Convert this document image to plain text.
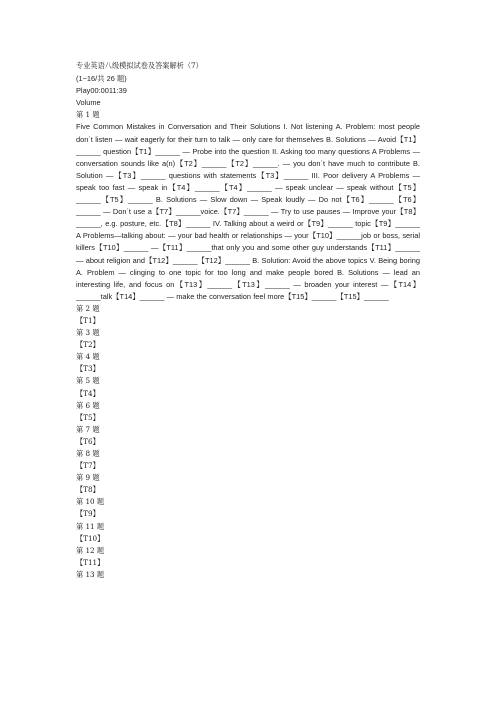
专业英语八级模拟试卷及答案解析（7）
(1~16/共 26 题)
Play00:0011:39
Volume
第 1 题
Five Common Mistakes in Conversation and Their Solutions I. Not listening A. Problem: most people don´t listen — wait eagerly for their turn to talk — only care for themselves B. Solutions — Avoid【T1】______ question【T1】______ — Probe into the question II. Asking too many questions A Problems — conversation sounds like a(n)【T2】______【T2】______. — you don´t have much to contribute B. Solution —【T3】______ questions with statements【T3】______ III. Poor delivery A Problems — speak too fast — speak in【T4】______【T4】______ — speak unclear — speak without【T5】______【T5】______ B. Solutions — Slow down — Speak loudly — Do not【T6】______【T6】______ — Don´t use a【T7】______voice.【T7】______ — Try to use pauses — Improve your【T8】______, e.g. posture, etc.【T8】______ IV. Talking about a weird or【T9】______ topic【T9】______ A Problems—talking about: — your bad health or relationships — your【T10】______job or boss, serial killers【T10】______ —【T11】______that only you and some other guy understands【T11】______ — about religion and【T12】______【T12】______ B. Solution: Avoid the above topics V. Being boring A. Problem — clinging to one topic for too long and make people bored B. Solutions — lead an interesting life, and focus on【T13】______【T13】______ — broaden your interest —【T14】______talk【T14】______ — make the conversation feel more【T15】______【T15】______
第 2 题
【T1】
第 3 题
【T2】
第 4 题
【T3】
第 5 题
【T4】
第 6 题
【T5】
第 7 题
【T6】
第 8 题
【T7】
第 9 题
【T8】
第 10 题
【T9】
第 11 题
【T10】
第 12 题
【T11】
第 13 题
